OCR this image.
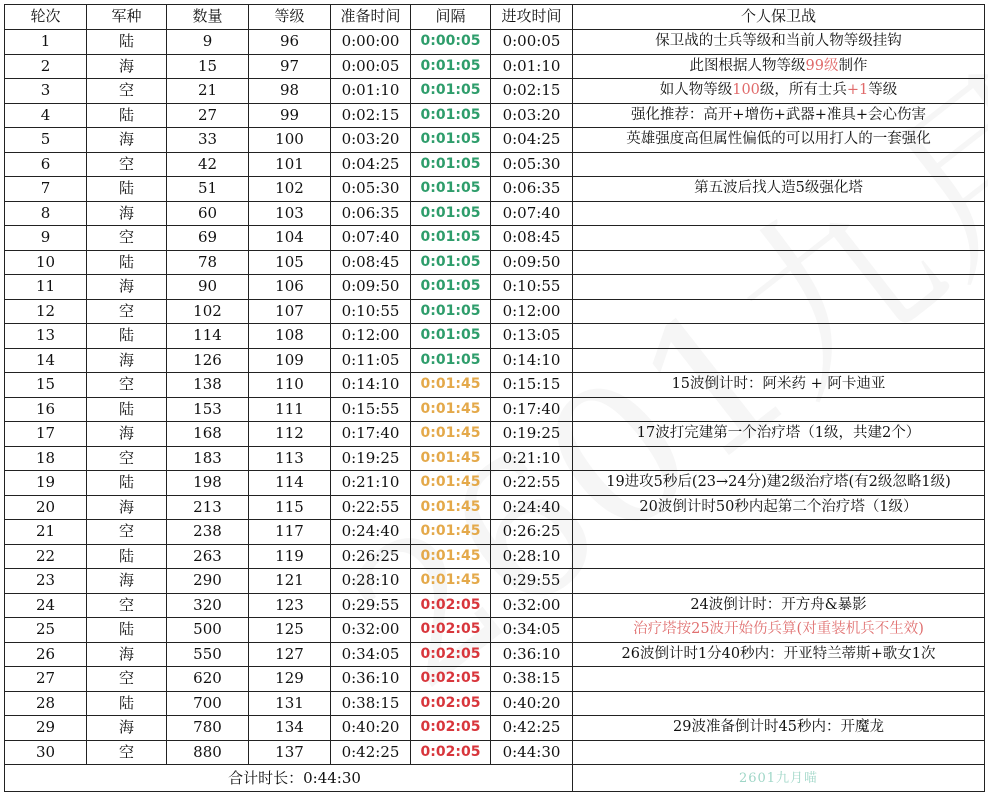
轮次	军种	数量	等级	准备时间	间隔	进攻时间	个人保卫战
1	陆	9	96	0:00:00	0:00:05	0:00:05	保卫战的士兵等级和当前人物等级挂钩
2	海	15	97	0:00:05	0:01:05	0:01:10	此图根据人物等级99级制作
3	空	21	98	0:01:10	0:01:05	0:02:15	如人物等级100级，所有士兵+1等级
4	陆	27	99	0:02:15	0:01:05	0:03:20	强化推荐：高开+增伤+武器+准具+会心伤害
5	海	33	100	0:03:20	0:01:05	0:04:25	英雄强度高但属性偏低的可以用打人的一套强化
6	空	42	101	0:04:25	0:01:05	0:05:30	
7	陆	51	102	0:05:30	0:01:05	0:06:35	第五波后找人造5级强化塔
8	海	60	103	0:06:35	0:01:05	0:07:40	
9	空	69	104	0:07:40	0:01:05	0:08:45	
10	陆	78	105	0:08:45	0:01:05	0:09:50	
11	海	90	106	0:09:50	0:01:05	0:10:55	
12	空	102	107	0:10:55	0:01:05	0:12:00	
13	陆	114	108	0:12:00	0:01:05	0:13:05	
14	海	126	109	0:11:05	0:01:05	0:14:10	
15	空	138	110	0:14:10	0:01:45	0:15:15	15波倒计时：阿米药 + 阿卡迪亚
16	陆	153	111	0:15:55	0:01:45	0:17:40	
17	海	168	112	0:17:40	0:01:45	0:19:25	17波打完建第一个治疗塔（1级，共建2个）
18	空	183	113	0:19:25	0:01:45	0:21:10	
19	陆	198	114	0:21:10	0:01:45	0:22:55	19进攻5秒后(23→24分)建2级治疗塔(有2级忽略1级)
20	海	213	115	0:22:55	0:01:45	0:24:40	20波倒计时50秒内起第二个治疗塔（1级）
21	空	238	117	0:24:40	0:01:45	0:26:25	
22	陆	263	119	0:26:25	0:01:45	0:28:10	
23	海	290	121	0:28:10	0:01:45	0:29:55	
24	空	320	123	0:29:55	0:02:05	0:32:00	24波倒计时：开方舟&暴影
25	陆	500	125	0:32:00	0:02:05	0:34:05	治疗塔按25波开始伤兵算(对重装机兵不生效)
26	海	550	127	0:34:05	0:02:05	0:36:10	26波倒计时1分40秒内：开亚特兰蒂斯+歌女1次
27	空	620	129	0:36:10	0:02:05	0:38:15	
28	陆	700	131	0:38:15	0:02:05	0:40:20	
29	海	780	134	0:40:20	0:02:05	0:42:25	29波准备倒计时45秒内：开魔龙
30	空	880	137	0:42:25	0:02:05	0:44:30	
合计时长：0:44:30							2601九月喵
